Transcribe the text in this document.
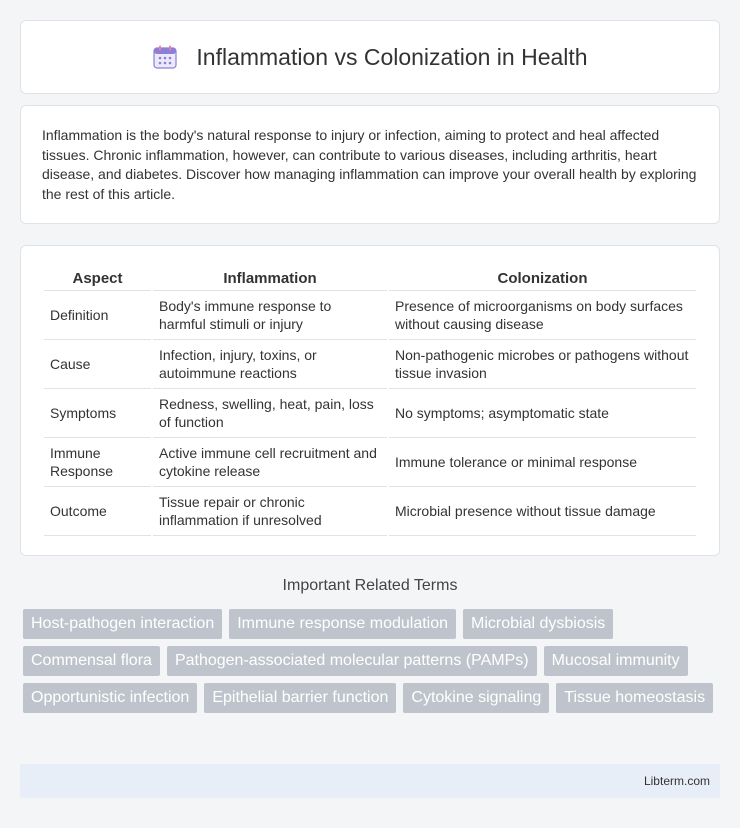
Inflammation vs Colonization in Health

Inflammation is the body's natural response to injury or infection, aiming to protect and heal affected tissues. Chronic inflammation, however, can contribute to various diseases, including arthritis, heart disease, and diabetes. Discover how managing inflammation can improve your overall health by exploring the rest of this article.

Aspect	Inflammation	Colonization
Definition	Body's immune response to harmful stimuli or injury	Presence of microorganisms on body surfaces without causing disease
Cause	Infection, injury, toxins, or autoimmune reactions	Non-pathogenic microbes or pathogens without tissue invasion
Symptoms	Redness, swelling, heat, pain, loss of function	No symptoms; asymptomatic state
Immune Response	Active immune cell recruitment and cytokine release	Immune tolerance or minimal response
Outcome	Tissue repair or chronic inflammation if unresolved	Microbial presence without tissue damage
Important Related Terms
Host-pathogen interaction	Immune response modulation	Microbial dysbiosis
Commensal flora	Pathogen-associated molecular patterns (PAMPs)	Mucosal immunity
Opportunistic infection	Epithelial barrier function	Cytokine signaling	Tissue homeostasis
Libterm.com
